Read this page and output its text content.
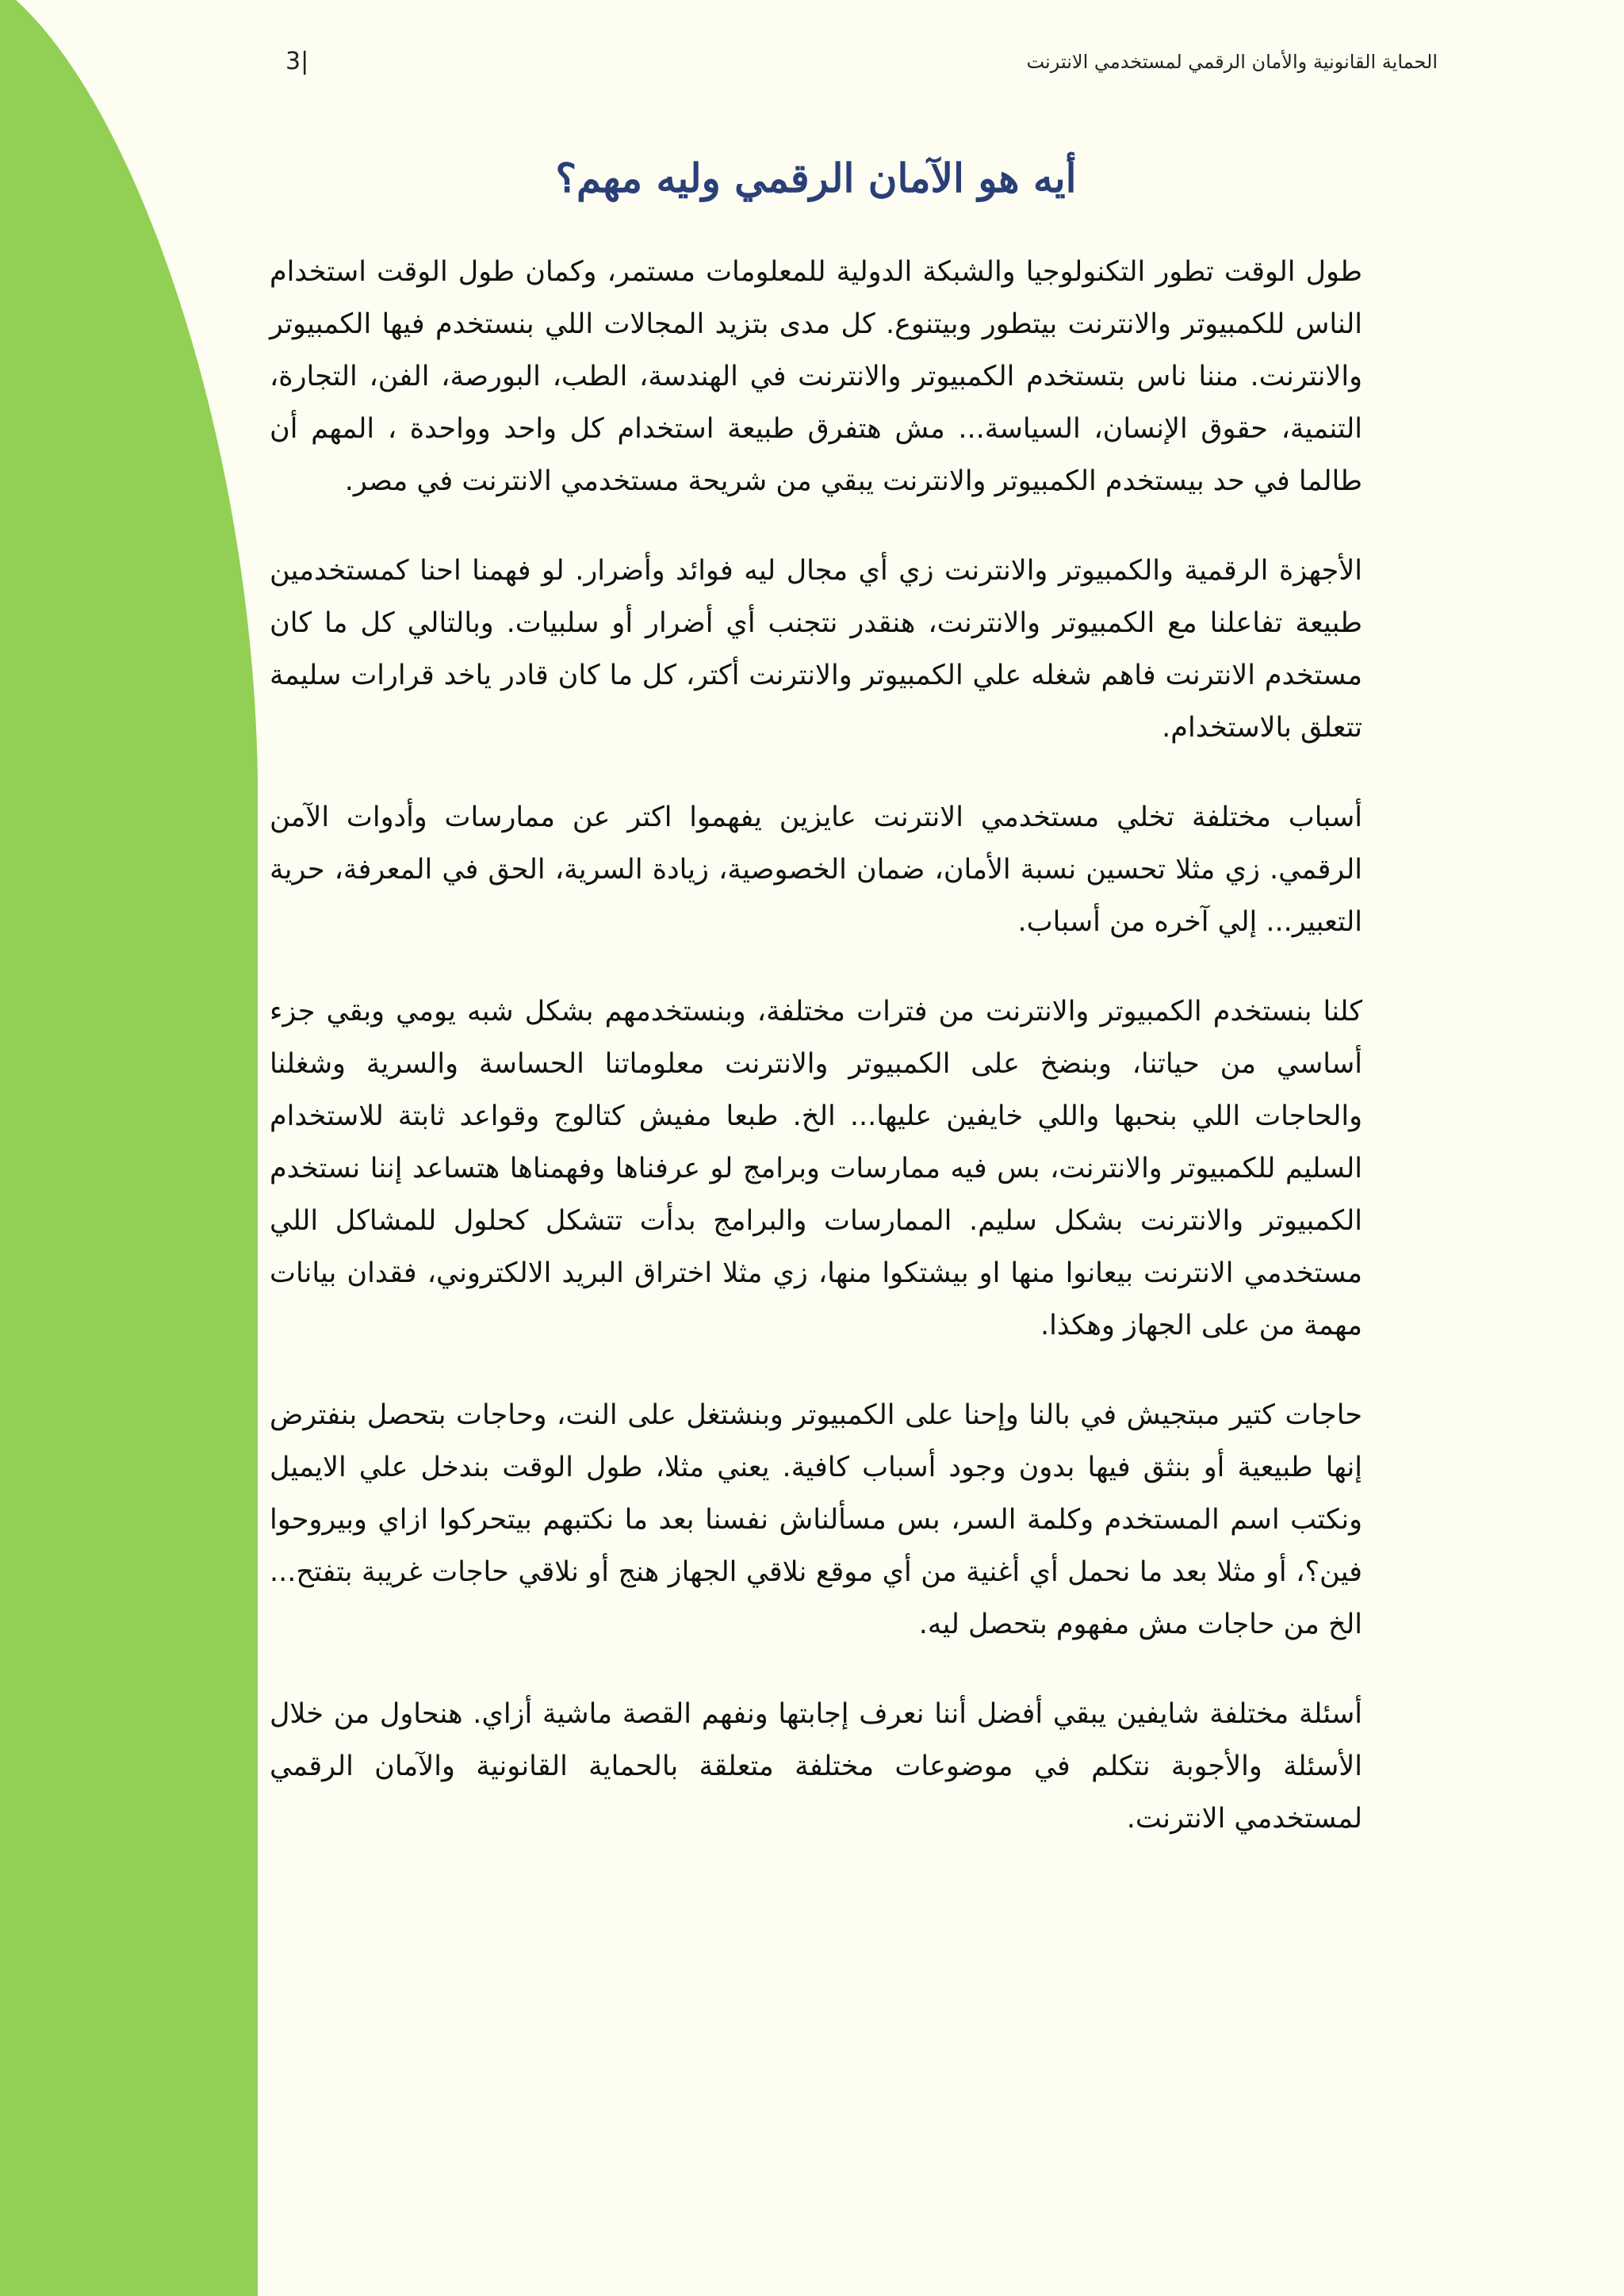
3|	الحماية القانونية والأمان الرقمي لمستخدمي الانترنت
أيه هو الآمان الرقمي وليه مهم؟

طول الوقت تطور التكنولوجيا والشبكة الدولية للمعلومات مستمر، وكمان طول الوقت استخدام الناس للكمبيوتر والانترنت بيتطور وبيتنوع. كل مدى بتزيد المجالات اللي بنستخدم فيها الكمبيوتر والانترنت. مننا ناس بتستخدم الكمبيوتر والانترنت في الهندسة، الطب، البورصة، الفن، التجارة، التنمية، حقوق الإنسان، السياسة... مش هتفرق طبيعة استخدام كل واحد وواحدة ، المهم أن طالما في حد بيستخدم الكمبيوتر والانترنت يبقي من شريحة مستخدمي الانترنت في مصر.

الأجهزة الرقمية والكمبيوتر والانترنت زي أي مجال ليه فوائد وأضرار. لو فهمنا احنا كمستخدمين طبيعة تفاعلنا مع الكمبيوتر والانترنت، هنقدر نتجنب أي أضرار أو سلبيات. وبالتالي كل ما كان مستخدم الانترنت فاهم شغله علي الكمبيوتر والانترنت أكتر، كل ما كان قادر ياخد قرارات سليمة تتعلق بالاستخدام.

أسباب مختلفة تخلي مستخدمي الانترنت عايزين يفهموا اكتر عن ممارسات وأدوات الآمن الرقمي. زي مثلا تحسين نسبة الأمان، ضمان الخصوصية، زيادة السرية، الحق في المعرفة، حرية التعبير... إلي آخره من أسباب.

كلنا بنستخدم الكمبيوتر والانترنت من فترات مختلفة، وبنستخدمهم بشكل شبه يومي وبقي جزء أساسي من حياتنا، وبنضخ على الكمبيوتر والانترنت معلوماتنا الحساسة والسرية وشغلنا والحاجات اللي بنحبها واللي خايفين عليها... الخ. طبعا مفيش كتالوج وقواعد ثابتة للاستخدام السليم للكمبيوتر والانترنت، بس فيه ممارسات وبرامج لو عرفناها وفهمناها هتساعد إننا نستخدم الكمبيوتر والانترنت بشكل سليم. الممارسات والبرامج بدأت تتشكل كحلول للمشاكل اللي مستخدمي الانترنت بيعانوا منها او بيشتكوا منها، زي مثلا اختراق البريد الالكتروني، فقدان بيانات مهمة من على الجهاز وهكذا.

حاجات كتير مبتجيش في بالنا وإحنا على الكمبيوتر وبنشتغل على النت، وحاجات بتحصل بنفترض إنها طبيعية أو بنثق فيها بدون وجود أسباب كافية. يعني مثلا، طول الوقت بندخل علي الايميل ونكتب اسم المستخدم وكلمة السر، بس مسألناش نفسنا بعد ما نكتبهم بيتحركوا ازاي وبيروحوا فين؟، أو مثلا بعد ما نحمل أي أغنية من أي موقع نلاقي الجهاز هنج أو نلاقي حاجات غريبة بتفتح... الخ من حاجات مش مفهوم بتحصل ليه.

أسئلة مختلفة شايفين يبقي أفضل أننا نعرف إجابتها ونفهم القصة ماشية أزاي. هنحاول من خلال الأسئلة والأجوبة نتكلم في موضوعات مختلفة متعلقة بالحماية القانونية والآمان الرقمي لمستخدمي الانترنت.
